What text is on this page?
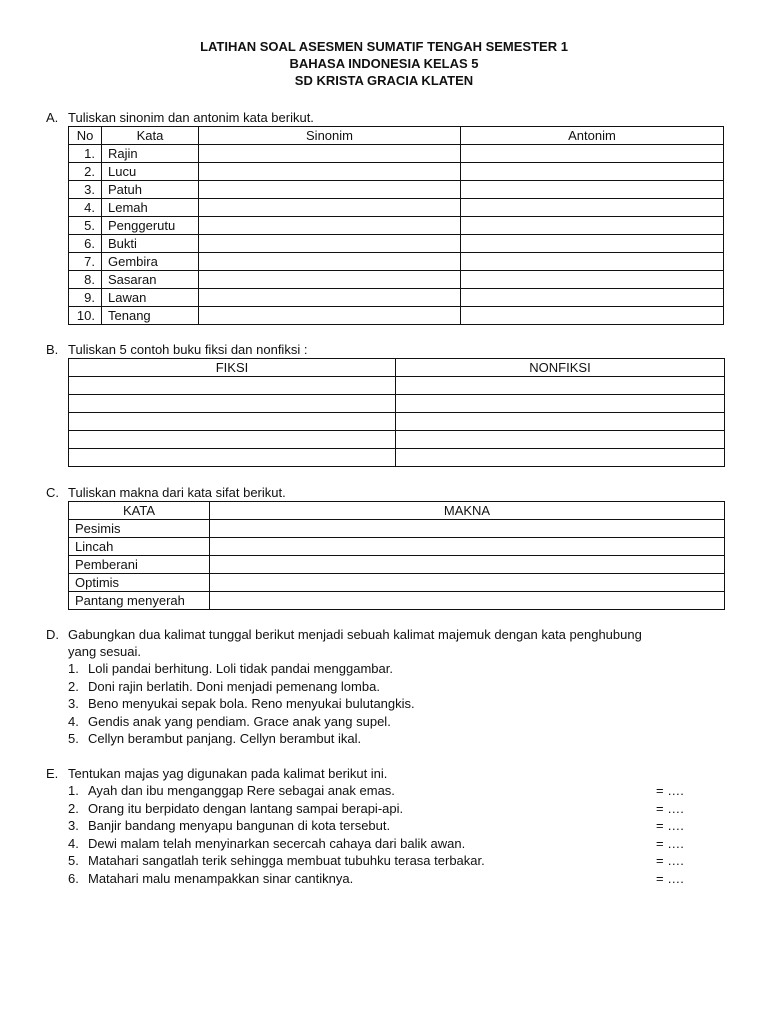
LATIHAN SOAL ASESMEN SUMATIF TENGAH SEMESTER 1
BAHASA INDONESIA KELAS 5
SD KRISTA GRACIA KLATEN
A. Tuliskan sinonim dan antonim kata berikut.
No	Kata	Sinonim	Antonim
1.	Rajin		
2.	Lucu		
3.	Patuh		
4.	Lemah		
5.	Penggerutu		
6.	Bukti		
7.	Gembira		
8.	Sasaran		
9.	Lawan		
10.	Tenang		
B. Tuliskan 5 contoh buku fiksi dan nonfiksi :
FIKSI	NONFIKSI

C. Tuliskan makna dari kata sifat berikut.
KATA	MAKNA
Pesimis	
Lincah	
Pemberani	
Optimis	
Pantang menyerah	
D. Gabungkan dua kalimat tunggal berikut menjadi sebuah kalimat majemuk dengan kata penghubung
yang sesuai.
1. Loli pandai berhitung. Loli tidak pandai menggambar.
2. Doni rajin berlatih. Doni menjadi pemenang lomba.
3. Beno menyukai sepak bola. Reno menyukai bulutangkis.
4. Gendis anak yang pendiam. Grace anak yang supel.
5. Cellyn berambut panjang. Cellyn berambut ikal.
E. Tentukan majas yag digunakan pada kalimat berikut ini.
1. Ayah dan ibu menganggap Rere sebagai anak emas.	= ….
2. Orang itu berpidato dengan lantang sampai berapi-api.	= ….
3. Banjir bandang menyapu bangunan di kota tersebut.	= ….
4. Dewi malam telah menyinarkan secercah cahaya dari balik awan.	= ….
5. Matahari sangatlah terik sehingga membuat tubuhku terasa terbakar.	= ….
6. Matahari malu menampakkan sinar cantiknya.	= ….
